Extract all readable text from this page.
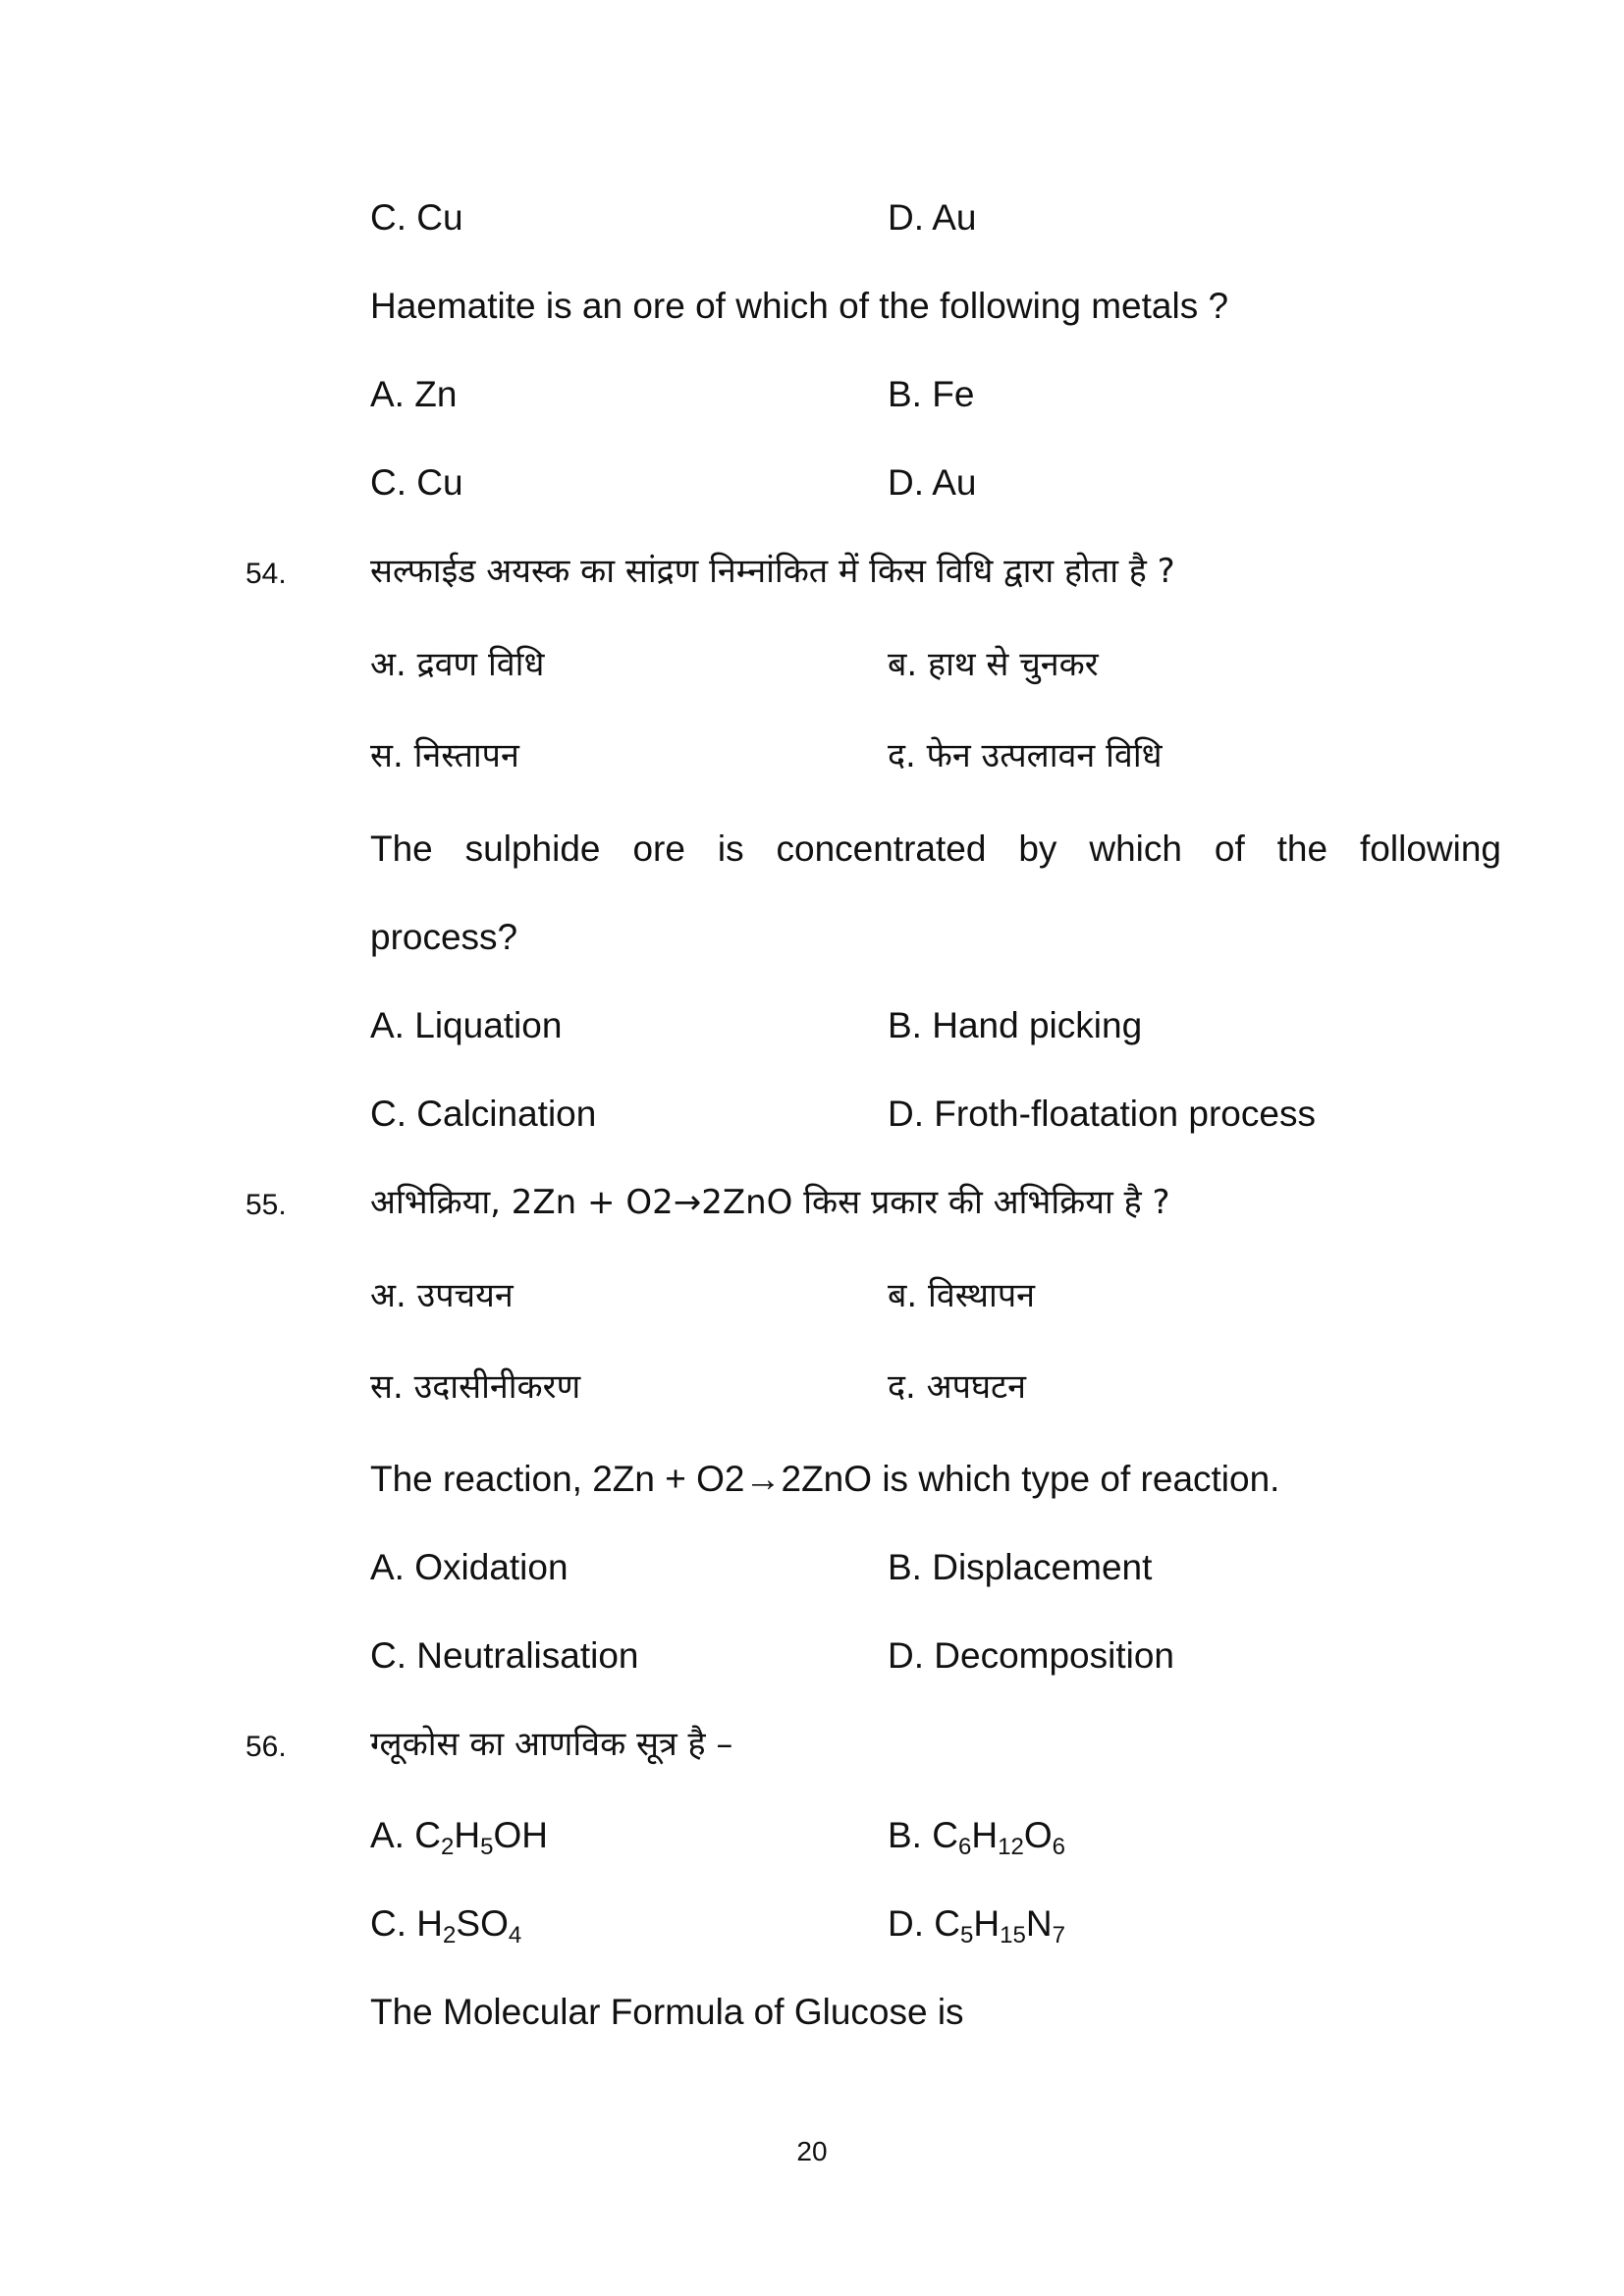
C. Cu	D. Au
Haematite is an ore of which of the following metals ?
A. Zn	B. Fe
C. Cu	D. Au
54.	सल्फाईड अयस्क का सांद्रण निम्नांकित में किस विधि द्वारा होता है ?
अ. द्रवण विधि	ब. हाथ से चुनकर
स. निस्तापन	द. फेन उत्पलावन विधि
The sulphide ore is concentrated by which of the following
process?
A. Liquation	B. Hand picking
C. Calcination	D. Froth-floatation process
55.	अभिक्रिया, 2Zn + O2→2ZnO किस प्रकार की अभिक्रिया है ?
अ. उपचयन	ब. विस्थापन
स. उदासीनीकरण	द. अपघटन
The reaction, 2Zn + O2→2ZnO is which type of reaction.
A. Oxidation	B. Displacement
C. Neutralisation	D. Decomposition
56.	ग्लूकोस का आणविक सूत्र है –
A. $C_2H_5OH$	B. $C_6H_{12}O_6$
C. $H_2SO_4$	D. $C_5H_{15}N_7$
The Molecular Formula of Glucose is
20
